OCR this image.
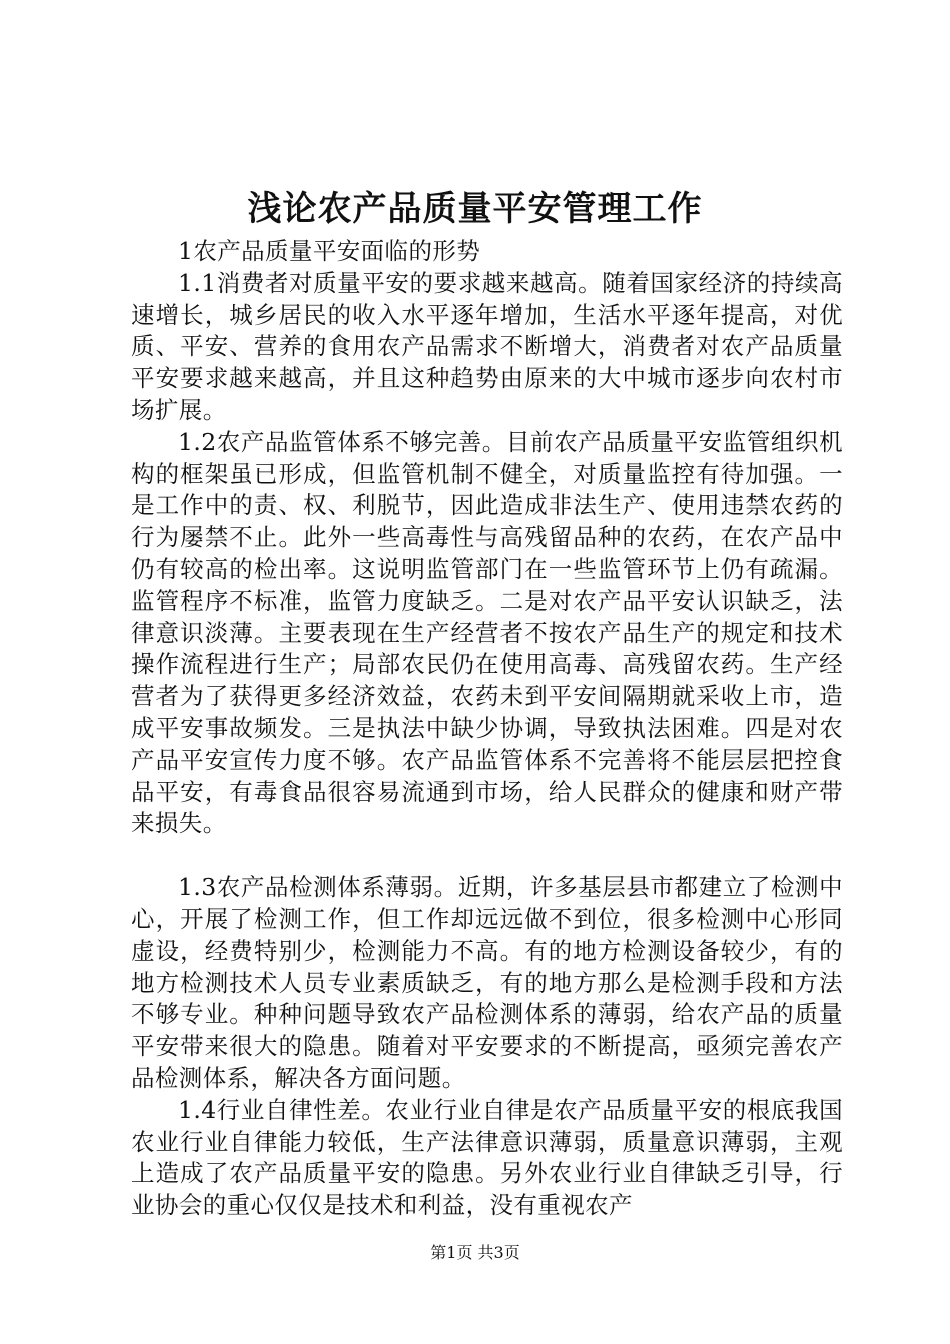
浅论农产品质量平安管理工作

1农产品质量平安面临的形势

1.1消费者对质量平安的要求越来越高。随着国家经济的持续高速增长，城乡居民的收入水平逐年增加，生活水平逐年提高，对优质、平安、营养的食用农产品需求不断增大，消费者对农产品质量平安要求越来越高，并且这种趋势由原来的大中城市逐步向农村市场扩展。

1.2农产品监管体系不够完善。目前农产品质量平安监管组织机构的框架虽已形成，但监管机制不健全，对质量监控有待加强。一是工作中的责、权、利脱节，因此造成非法生产、使用违禁农药的行为屡禁不止。此外一些高毒性与高残留品种的农药，在农产品中仍有较高的检出率。这说明监管部门在一些监管环节上仍有疏漏。监管程序不标准，监管力度缺乏。二是对农产品平安认识缺乏，法律意识淡薄。主要表现在生产经营者不按农产品生产的规定和技术操作流程进行生产；局部农民仍在使用高毒、高残留农药。生产经营者为了获得更多经济效益，农药未到平安间隔期就采收上市，造成平安事故频发。三是执法中缺少协调，导致执法困难。四是对农产品平安宣传力度不够。农产品监管体系不完善将不能层层把控食品平安，有毒食品很容易流通到市场，给人民群众的健康和财产带来损失。

1.3农产品检测体系薄弱。近期，许多基层县市都建立了检测中心，开展了检测工作，但工作却远远做不到位，很多检测中心形同虚设，经费特别少，检测能力不高。有的地方检测设备较少，有的地方检测技术人员专业素质缺乏，有的地方那么是检测手段和方法不够专业。种种问题导致农产品检测体系的薄弱，给农产品的质量平安带来很大的隐患。随着对平安要求的不断提高，亟须完善农产品检测体系，解决各方面问题。

1.4行业自律性差。农业行业自律是农产品质量平安的根底我国农业行业自律能力较低，生产法律意识薄弱，质量意识薄弱，主观上造成了农产品质量平安的隐患。另外农业行业自律缺乏引导，行业协会的重心仅仅是技术和利益，没有重视农产

第1页 共3页
